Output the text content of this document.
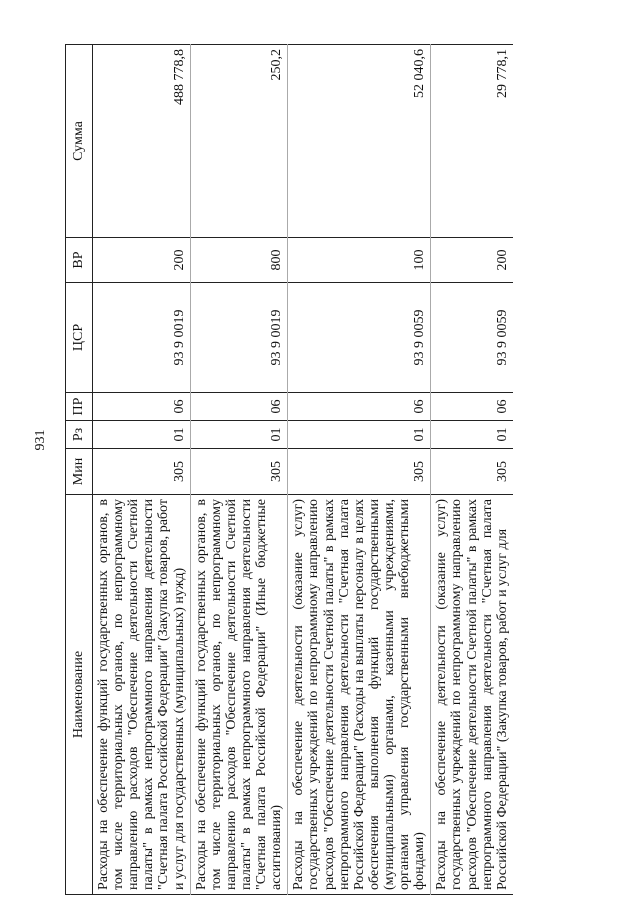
931
Наименование	Мин	Рз	ПР	ЦСР	ВР	Сумма
Расходы на обеспечение функций государственных органов, в том числе территориальных органов, по непрограммному направлению расходов "Обеспечение деятельности Счетной палаты" в рамках непрограммного направления деятельности "Счетная палата Российской Федерации" (Закупка товаров, работ и услуг для государственных (муниципальных) нужд)	305	01	06	93 9 0019	200	488 778,8
Расходы на обеспечение функций государственных органов, в том числе территориальных органов, по непрограммному направлению расходов "Обеспечение деятельности Счетной палаты" в рамках непрограммного направления деятельности "Счетная палата Российской Федерации" (Иные бюджетные ассигнования)	305	01	06	93 9 0019	800	250,2
Расходы на обеспечение деятельности (оказание услуг) государственных учреждений по непрограммному направлению расходов "Обеспечение деятельности Счетной палаты" в рамках непрограммного направления деятельности "Счетная палата Российской Федерации" (Расходы на выплаты персоналу в целях обеспечения выполнения функций государственными (муниципальными) органами, казенными учреждениями, органами управления государственными внебюджетными фондами)	305	01	06	93 9 0059	100	52 040,6
Расходы на обеспечение деятельности (оказание услуг) государственных учреждений по непрограммному направлению расходов "Обеспечение деятельности Счетной палаты" в рамках непрограммного направления деятельности "Счетная палата Российской Федерации" (Закупка товаров, работ и услуг для	305	01	06	93 9 0059	200	29 778,1
